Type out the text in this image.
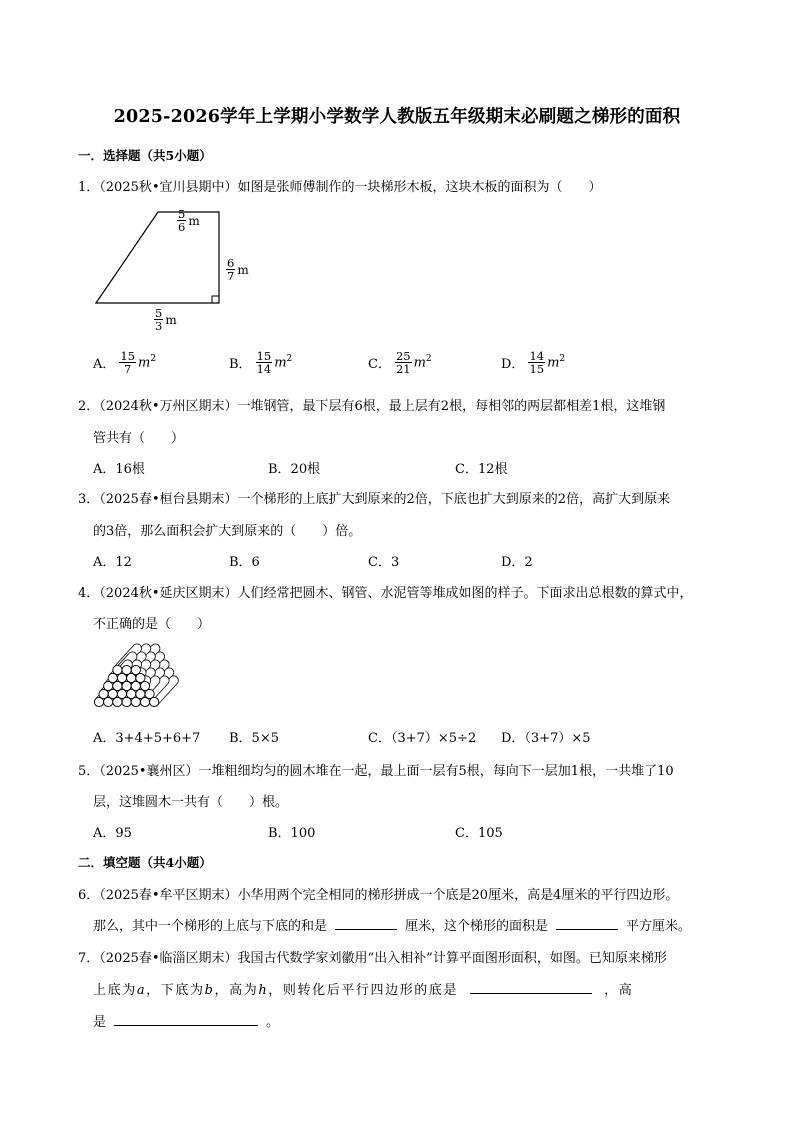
2025-2026学年上学期小学数学人教版五年级期末必刷题之梯形的面积
一．选择题（共5小题）
1．（2025秋•宜川县期中）如图是张师傅制作的一块梯形木板，这块木板的面积为（　　）
$\frac{5}{6}$ m
$\frac{6}{7}$ m
$\frac{5}{3}$ m
A． $\frac{15}{7} m^2$	B． $\frac{15}{14} m^2$	C． $\frac{25}{21} m^2$	D． $\frac{14}{15} m^2$
2．（2024秋•万州区期末）一堆钢管，最下层有6根，最上层有2根，每相邻的两层都相差1根，这堆钢
管共有（　　）
A．16根	B．20根	C．12根
3．（2025春•桓台县期末）一个梯形的上底扩大到原来的2倍，下底也扩大到原来的2倍，高扩大到原来
的3倍，那么面积会扩大到原来的（　　）倍。
A．12	B．6	C．3	D．2
4．（2024秋•延庆区期末）人们经常把圆木、钢管、水泥管等堆成如图的样子。下面求出总根数的算式中，
不正确的是（　　）
A．3+4+5+6+7 B．5×5	C．（3+7）×5÷2 D．（3+7）×5
5．（2025•襄州区）一堆粗细均匀的圆木堆在一起，最上面一层有5根，每向下一层加1根，一共堆了10
层，这堆圆木一共有（　　）根。
A．95	B．100	C．105
二．填空题（共4小题）
6．（2025春•牟平区期末）小华用两个完全相同的梯形拼成一个底是20厘米，高是4厘米的平行四边形。
那么，其中一个梯形的上底与下底的和是	厘米，这个梯形的面积是	平方厘米。
7．（2025春•临淄区期末）我国古代数学家刘徽用“出入相补”计算平面图形面积，如图。已知原来梯形
上底为a，下底为b，高为h，则转化后平行四边形的底是	，高
是	。
